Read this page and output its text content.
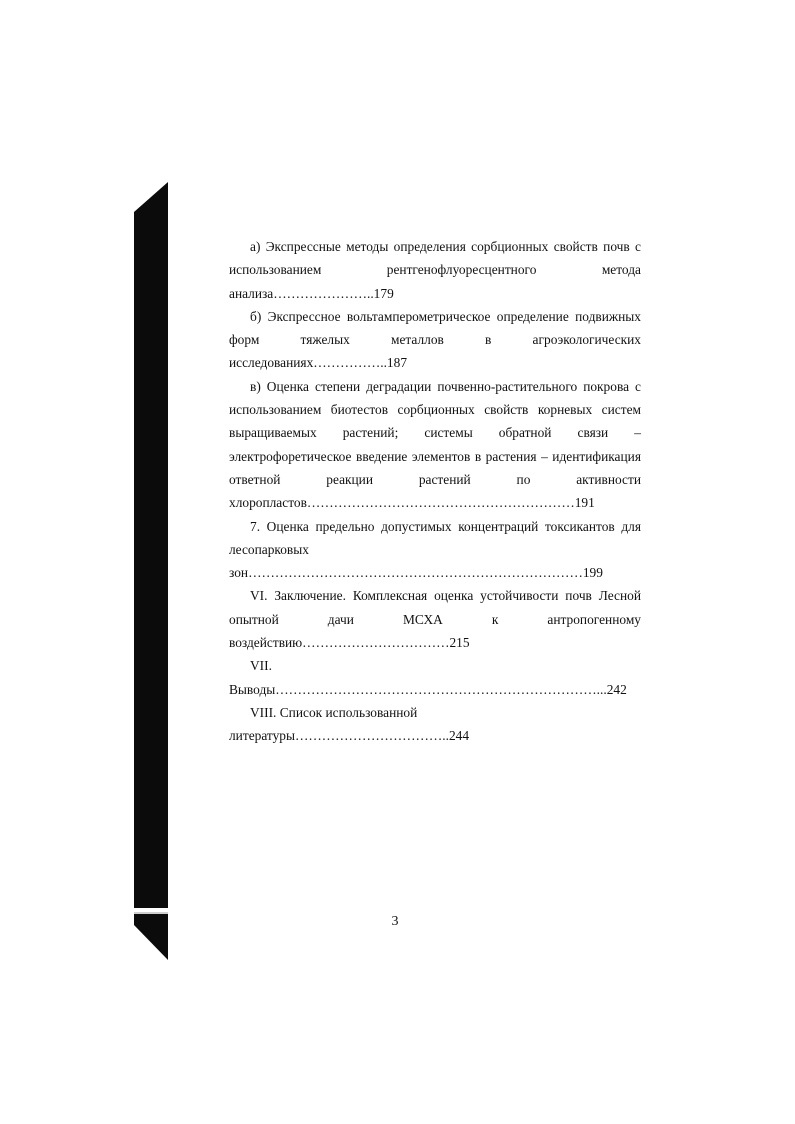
а) Экспрессные методы определения сорбционных свойств почв с использованием рентгенофлуоресцентного метода анализа…………………..179

б) Экспрессное вольтамперометрическое определение подвижных форм тяжелых металлов в агроэкологических исследованиях……………..187

в) Оценка степени деградации почвенно-растительного покрова с использованием биотестов сорбционных свойств корневых систем выращиваемых растений; системы обратной связи – электрофоретическое введение элементов в растения – идентификация ответной реакции растений по активности хлоропластов……………………………………………………191

7. Оценка предельно допустимых концентраций токсикантов для лесопарковых зон…………………………………………………………………199

VI. Заключение. Комплексная оценка устойчивости почв Лесной опытной дачи МСХА к антропогенному воздействию……………………………215

VII. Выводы………………………………………………………………...242

VIII. Список использованной литературы……………………………..244

3
